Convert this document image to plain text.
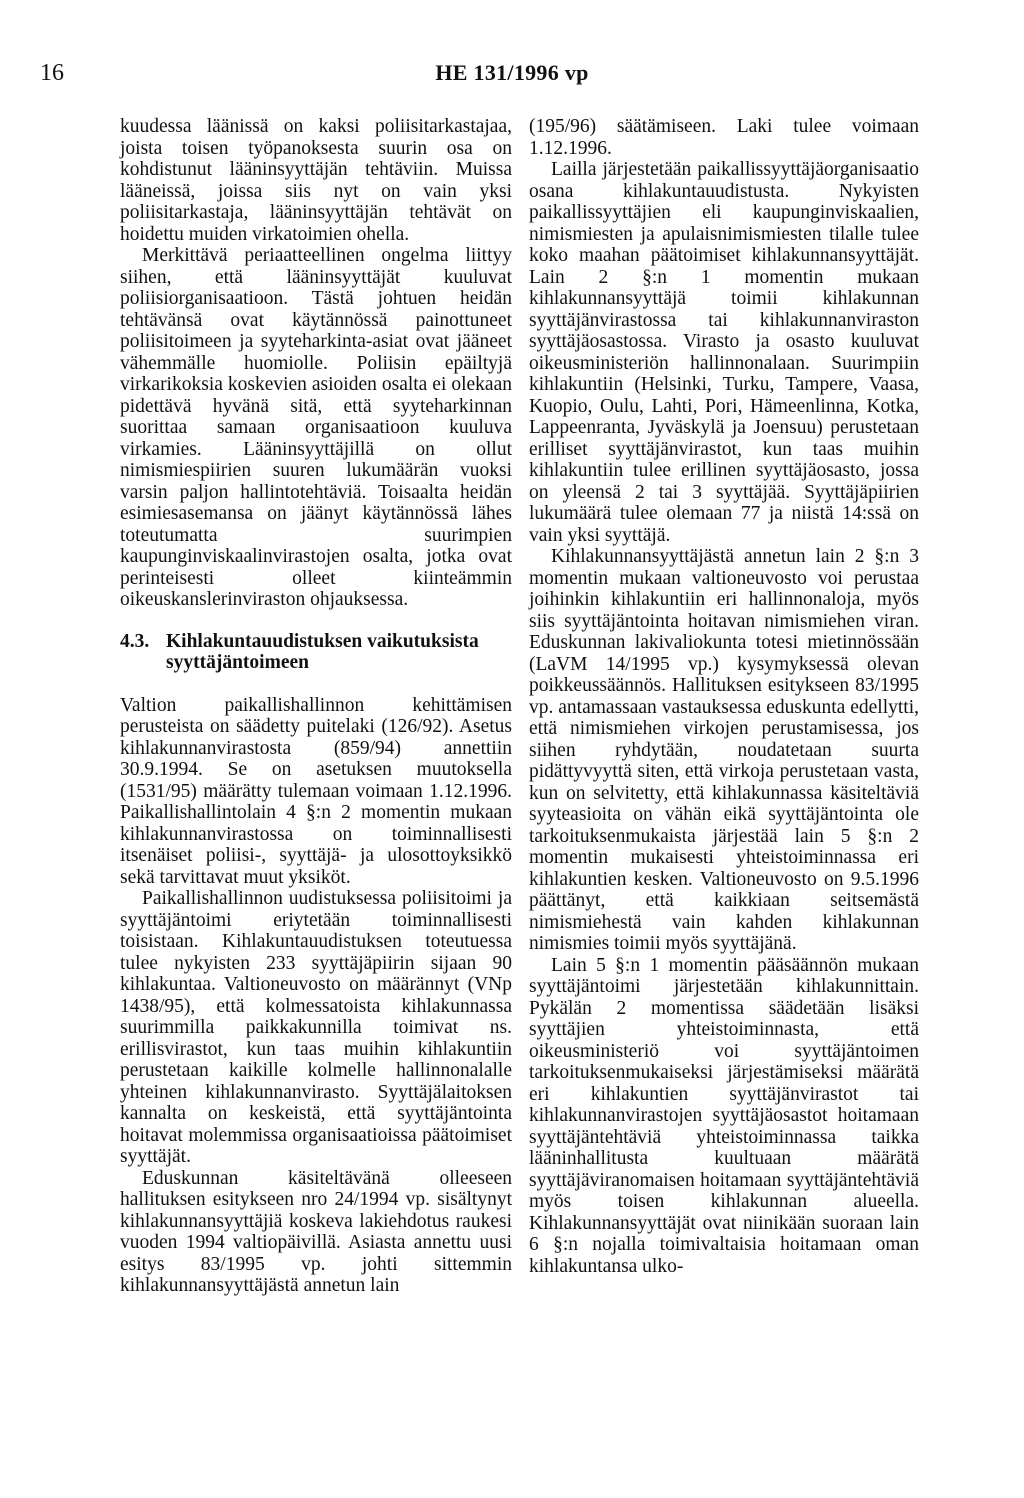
16	HE 131/1996 vp

kuudessa läänissä on kaksi poliisitarkastajaa, joista toisen työpanoksesta suurin osa on kohdistunut lääninsyyttäjän tehtäviin. Muissa lääneissä, joissa siis nyt on vain yksi poliisitarkastaja, lääninsyyttäjän tehtävät on hoidettu muiden virkatoimien ohella.

Merkittävä periaatteellinen ongelma liittyy siihen, että lääninsyyttäjät kuuluvat poliisiorganisaatioon. Tästä johtuen heidän tehtävänsä ovat käytännössä painottuneet poliisitoimeen ja syyteharkinta-asiat ovat jääneet vähemmälle huomiolle. Poliisin epäiltyjä virkarikoksia koskevien asioiden osalta ei olekaan pidettävä hyvänä sitä, että syyteharkinnan suorittaa samaan organisaatioon kuuluva virkamies. Lääninsyyttäjillä on ollut nimismiespiirien suuren lukumäärän vuoksi varsin paljon hallintotehtäviä. Toisaalta heidän esimiesasemansa on jäänyt käytännössä lähes toteutumatta suurimpien kaupunginviskaalinvirastojen osalta, jotka ovat perinteisesti olleet kiinteämmin oikeuskanslerinviraston ohjauksessa.

4.3. Kihlakuntauudistuksen vaikutuksista syyttäjäntoimeen

Valtion paikallishallinnon kehittämisen perusteista on säädetty puitelaki (126/92). Asetus kihlakunnanvirastosta (859/94) annettiin 30.9.1994. Se on asetuksen muutoksella (1531/95) määrätty tulemaan voimaan 1.12.1996. Paikallishallintolain 4 §:n 2 momentin mukaan kihlakunnanvirastossa on toiminnallisesti itsenäiset poliisi-, syyttäjä- ja ulosottoyksikkö sekä tarvittavat muut yksiköt.

Paikallishallinnon uudistuksessa poliisitoimi ja syyttäjäntoimi eriytetään toiminnallisesti toisistaan. Kihlakuntauudistuksen toteutuessa tulee nykyisten 233 syyttäjäpiirin sijaan 90 kihlakuntaa. Valtioneuvosto on määrännyt (VNp 1438/95), että kolmessatoista kihlakunnassa suurimmilla paikkakunnilla toimivat ns. erillisvirastot, kun taas muihin kihlakuntiin perustetaan kaikille kolmelle hallinnonalalle yhteinen kihlakunnanvirasto. Syyttäjälaitoksen kannalta on keskeistä, että syyttäjäntointa hoitavat molemmissa organisaatioissa päätoimiset syyttäjät.

Eduskunnan käsiteltävänä olleeseen hallituksen esitykseen nro 24/1994 vp. sisältynyt kihlakunnansyyttäjiä koskeva lakiehdotus raukesi vuoden 1994 valtiopäivillä. Asiasta annettu uusi esitys 83/1995 vp. johti sittemmin kihlakunnansyyttäjästä annetun lain

(195/96) säätämiseen. Laki tulee voimaan 1.12.1996.

Lailla järjestetään paikallissyyttäjäorganisaatio osana kihlakuntauudistusta. Nykyisten paikallissyyttäjien eli kaupunginviskaalien, nimismiesten ja apulaisnimismiesten tilalle tulee koko maahan päätoimiset kihlakunnansyyttäjät. Lain 2 §:n 1 momentin mukaan kihlakunnansyyttäjä toimii kihlakunnan syyttäjänvirastossa tai kihlakunnanviraston syyttäjäosastossa. Virasto ja osasto kuuluvat oikeusministeriön hallinnonalaan. Suurimpiin kihlakuntiin (Helsinki, Turku, Tampere, Vaasa, Kuopio, Oulu, Lahti, Pori, Hämeenlinna, Kotka, Lappeenranta, Jyväskylä ja Joensuu) perustetaan erilliset syyttäjänvirastot, kun taas muihin kihlakuntiin tulee erillinen syyttäjäosasto, jossa on yleensä 2 tai 3 syyttäjää. Syyttäjäpiirien lukumäärä tulee olemaan 77 ja niistä 14:ssä on vain yksi syyttäjä.

Kihlakunnansyyttäjästä annetun lain 2 §:n 3 momentin mukaan valtioneuvosto voi perustaa joihinkin kihlakuntiin eri hallinnonaloja, myös siis syyttäjäntointa hoitavan nimismiehen viran. Eduskunnan lakivaliokunta totesi mietinnössään (LaVM 14/1995 vp.) kysymyksessä olevan poikkeussäännös. Hallituksen esitykseen 83/1995 vp. antamassaan vastauksessa eduskunta edellytti, että nimismiehen virkojen perustamisessa, jos siihen ryhdytään, noudatetaan suurta pidättyvyyttä siten, että virkoja perustetaan vasta, kun on selvitetty, että kihlakunnassa käsiteltäviä syyteasioita on vähän eikä syyttäjäntointa ole tarkoituksenmukaista järjestää lain 5 §:n 2 momentin mukaisesti yhteistoiminnassa eri kihlakuntien kesken. Valtioneuvosto on 9.5.1996 päättänyt, että kaikkiaan seitsemästä nimismiehestä vain kahden kihlakunnan nimismies toimii myös syyttäjänä.

Lain 5 §:n 1 momentin pääsäännön mukaan syyttäjäntoimi järjestetään kihlakunnittain. Pykälän 2 momentissa säädetään lisäksi syyttäjien yhteistoiminnasta, että oikeusministeriö voi syyttäjäntoimen tarkoituksenmukaiseksi järjestämiseksi määrätä eri kihlakuntien syyttäjänvirastot tai kihlakunnanvirastojen syyttäjäosastot hoitamaan syyttäjäntehtäviä yhteistoiminnassa taikka lääninhallitusta kuultuaan määrätä syyttäjäviranomaisen hoitamaan syyttäjäntehtäviä myös toisen kihlakunnan alueella. Kihlakunnansyyttäjät ovat niinikään suoraan lain 6 §:n nojalla toimivaltaisia hoitamaan oman kihlakuntansa ulko-
